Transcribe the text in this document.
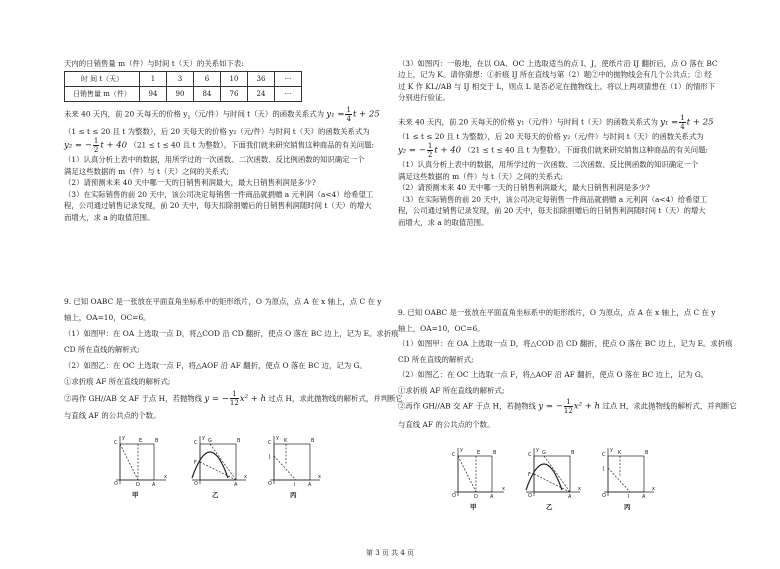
天内的日销售量 m（件）与时间 t（天）的关系如下表:

时 间 t（天）	1	3	6	10	36	···
日销售量 m（件）	94	90	84	76	24	···

未来 40 天内，前 20 天每天的价格 $y_1$（元/件）与时间 t（天）的函数关系式为 $y_1 = \frac{1}{4}$ t + 25

（1 ≤ t ≤ 20 且 t 为整数），后 20 天每天的价格 y₂（元/件）与时间 t（天）的函数关系式为

y₂ = − $\frac{1}{2}$ t + 40 （21 ≤ t ≤ 40 且 t 为整数）。下面我们就来研究销售这种商品的有关问题:

（1）认真分析上表中的数据，用所学过的一次函数、二次函数、反比例函数的知识确定一个

满足这些数据的 m（件）与 t（天）之间的关系式;

（2）请预测未来 40 天中哪一天的日销售利润最大，最大日销售利润是多少?

（3）在实际销售的前 20 天中，该公司决定每销售一件商品就捐赠 a 元利润（a<4）给希望工

程，公司通过销售记录发现，前 20 天中，每天扣除捐赠后的日销售利润随时间 t（天）的增大

而增大，求 a 的取值范围。

（3）如图丙：一般地，在以 OA、OC 上选取适当的点 I、J，使纸片沿 IJ 翻折后，点 O 落在 BC

边上，记为 K。请你猜想：①折痕 IJ 所在直线与第（2）题②中的抛物线会有几个公共点；② 经

过 K 作 KL//AB 与 IJ 相交于 L，则点 L 是否必定在抛物线上。将以上两项猜想在（1）的情形下

分别进行验证。

未来 40 天内，前 20 天每天的价格 y₁（元/件）与时间 t（天）的函数关系式为 $y_1 = \frac{1}{4}$ t + 25

（1 ≤ t ≤ 20 且 t 为整数），后 20 天每天的价格 y₂（元/件）与时间 t（天）的函数关系式为

y₂ = − $\frac{1}{2}$ t + 40 （21 ≤ t ≤ 40 且 t 为整数）。下面我们就来研究销售这种商品的有关问题:

（1）认真分析上表中的数据，用所学过的一次函数、二次函数、反比例函数的知识确定一个

满足这些数据的 m（件）与 t（天）之间的关系式;

（2）请预测未来 40 天中哪一天的日销售利润最大，最大日销售利润是多少?

（3）在实际销售的前 20 天中，该公司决定每销售一件商品就捐赠 a 元利润（a<4）给希望工

程，公司通过销售记录发现，前 20 天中，每天扣除捐赠后的日销售利润随时间 t（天）的增大

而增大，求 a 的取值范围。

9. 已知 OABC 是一张放在平面直角坐标系中的矩形纸片，O 为原点，点 A 在 x 轴上，点 C 在 y

轴上，OA=10，OC=6。

（1）如图甲：在 OA 上选取一点 D，将△COD 沿 CD 翻折，使点 O 落在 BC 边上，记为 E。求折痕

CD 所在直线的解析式;

（2）如图乙：在 OC 上选取一点 F，将△AOF 沿 AF 翻折，使点 O 落在 BC 边，记为 G。

①求折痕 AF 所在直线的解析式;

②再作 GH//AB 交 AF 于点 H，若抛物线 y = − $\frac{1}{12} x^2 + h$ 过点 H，求此抛物线的解析式，并判断它

与直线 AF 的公共点的个数。

9. 已知 OABC 是一张放在平面直角坐标系中的矩形纸片，O 为原点，点 A 在 x 轴上，点 C 在 y

轴上，OA=10，OC=6。

（1）如图甲：在 OA 上选取一点 D，将△COD 沿 CD 翻折，使点 O 落在 BC 边上，记为 E。求折痕

CD 所在直线的解析式;

（2）如图乙：在 OC 上选取一点 F，将△AOF 沿 AF 翻折，使点 O 落在 BC 边上，记为 G。

①求折痕 AF 所在直线的解析式;

②再作 GH//AB 交 AF 于点 H，若抛物线 y = − $\frac{1}{12} x^2 + h$ 过点 H，求此抛物线的解析式，并判断它

与直线 AF 的公共点的个数。

C	E	B
O	D A
x
y
C G	B
F
O	A
x
y
C	K	B
J
O	I	A
x
y
甲	乙	丙
C	E	B
O	D A
x
y
C G	B
F
O	A
x
y
C	K	B
J
O	I	A
x
y
甲	乙	丙
第 3 页 共 4 页
